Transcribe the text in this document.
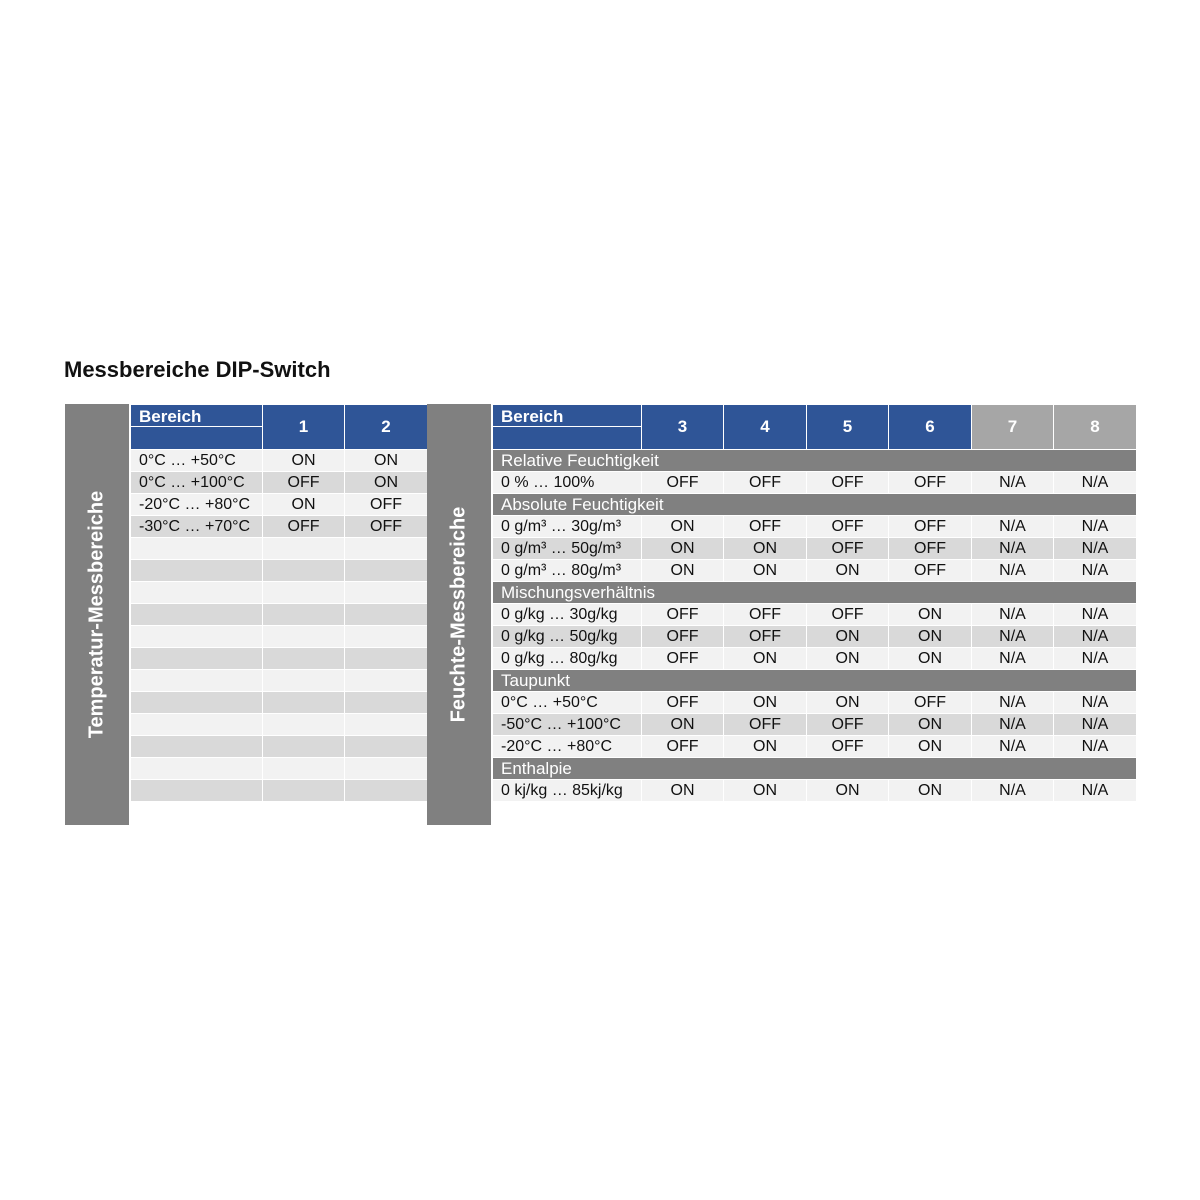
Messbereiche DIP-Switch
Temperatur-Messbereiche
Bereich	1	2
0°C … +50°C	ON	ON
0°C … +100°C	OFF	ON
-20°C … +80°C	ON	OFF
-30°C … +70°C	OFF	OFF

		Feuchte-Messbereiche
Bereich	3	4	5	6	7	8
Relative Feuchtigkeit						
0 % … 100%	OFF	OFF	OFF	OFF	N/A	N/A
Absolute Feuchtigkeit						
0 g/m³ … 30g/m³	ON	OFF	OFF	OFF	N/A	N/A
0 g/m³ … 50g/m³	ON	ON	OFF	OFF	N/A	N/A
0 g/m³ … 80g/m³	ON	ON	ON	OFF	N/A	N/A
Mischungsverhältnis						
0 g/kg … 30g/kg	OFF	OFF	OFF	ON	N/A	N/A
0 g/kg … 50g/kg	OFF	OFF	ON	ON	N/A	N/A
0 g/kg … 80g/kg	OFF	ON	ON	ON	N/A	N/A
Taupunkt						
0°C … +50°C	OFF	ON	ON	OFF	N/A	N/A
-50°C … +100°C	ON	OFF	OFF	ON	N/A	N/A
-20°C … +80°C	OFF	ON	OFF	ON	N/A	N/A
Enthalpie						
0 kj/kg … 85kj/kg	ON	ON	ON	ON	N/A	N/A
